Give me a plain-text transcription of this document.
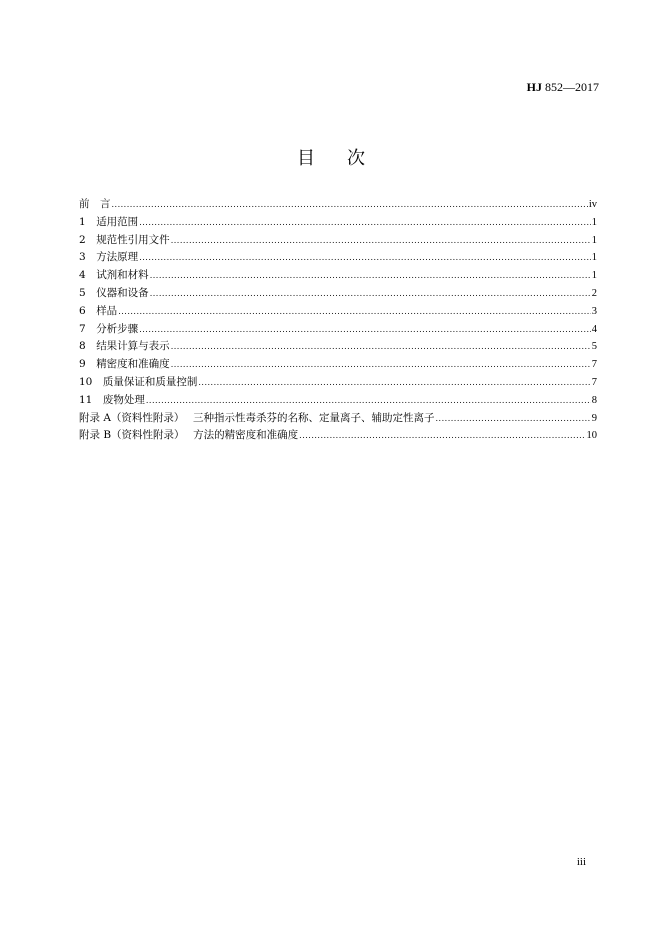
HJ 852—2017
目次
前　言 .....	iv
1　 适用范围 .....	1
2　 规范性引用文件 .....	1
3　 方法原理 .....	1
4　 试剂和材料 .....	1
5　 仪器和设备 .....	2
6　 样品 .....	3
7　 分析步骤 .....	4
8　 结果计算与表示 .....	5
9　 精密度和准确度 .....	7
10　 质量保证和质量控制 .....	7
11　 废物处理 .....	8
附录 A（资料性附录）　 三种指示性毒杀芬的名称、定量离子、辅助定性离子 .....	9
附录 B（资料性附录）　 方法的精密度和准确度 .....	10
iii
